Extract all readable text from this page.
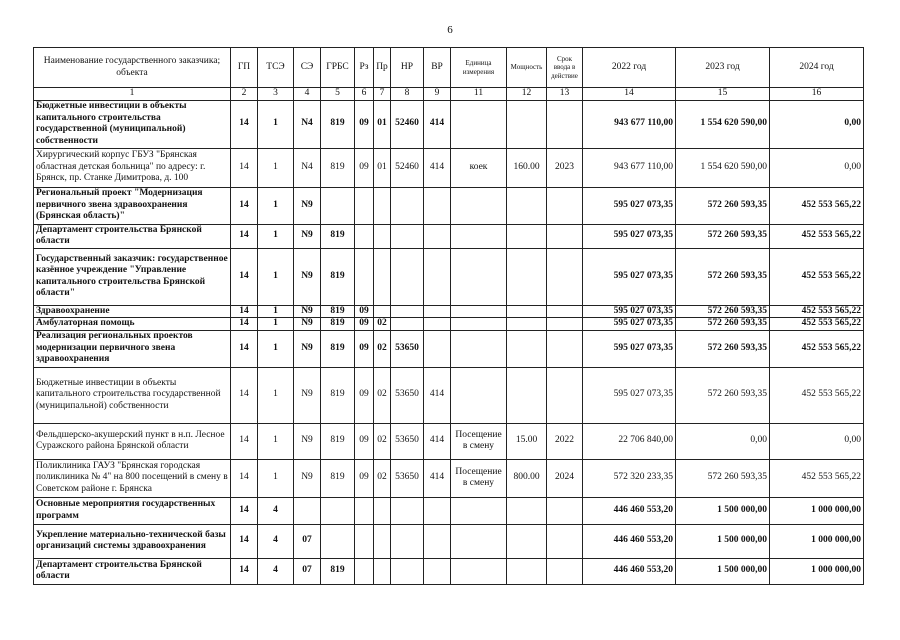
6
Наименование государственного заказчика; объекта	ГП	ТСЭ	СЭ	ГРБС	Рз	Пр	НР	ВР	Единица измерения	Мощность	Срок ввода в действие	2022 год	2023 год	2024 год
1	2	3	4	5	6	7	8	9	11	12	13	14	15	16
Бюджетные инвестиции в объекты капитального строительства государственной (муниципальной) собственности	14	1	N4	819	09	01	52460	414				943 677 110,00	1 554 620 590,00	0,00
Хирургический корпус ГБУЗ "Брянская областная детская больница" по адресу: г. Брянск, пр. Станке Димитрова, д. 100	14	1	N4	819	09	01	52460	414	коек	160.00	2023	943 677 110,00	1 554 620 590,00	0,00
Региональный проект "Модернизация первичного звена здравоохранения (Брянская область)"	14	1	N9									595 027 073,35	572 260 593,35	452 553 565,22
Департамент строительства Брянской области	14	1	N9	819								595 027 073,35	572 260 593,35	452 553 565,22
Государственный заказчик: государственное казённое учреждение "Управление капитального строительства Брянской области"	14	1	N9	819								595 027 073,35	572 260 593,35	452 553 565,22
Здравоохранение	14	1	N9	819	09							595 027 073,35	572 260 593,35	452 553 565,22
Амбулаторная помощь	14	1	N9	819	09	02						595 027 073,35	572 260 593,35	452 553 565,22
Реализация региональных проектов модернизации первичного звена здравоохранения	14	1	N9	819	09	02	53650					595 027 073,35	572 260 593,35	452 553 565,22
Бюджетные инвестиции в объекты капитального строительства государственной (муниципальной) собственности	14	1	N9	819	09	02	53650	414				595 027 073,35	572 260 593,35	452 553 565,22
Фельдшерско-акушерский пункт в н.п. Лесное Суражского района Брянской области	14	1	N9	819	09	02	53650	414	Посещение в смену	15.00	2022	22 706 840,00	0,00	0,00
Поликлиника ГАУЗ "Брянская городская поликлиника № 4" на 800 посещений в смену в Советском районе г. Брянска	14	1	N9	819	09	02	53650	414	Посещение в смену	800.00	2024	572 320 233,35	572 260 593,35	452 553 565,22
Основные мероприятия государственных программ	14	4										446 460 553,20	1 500 000,00	1 000 000,00
Укрепление материально-технической базы организаций системы здравоохранения	14	4	07									446 460 553,20	1 500 000,00	1 000 000,00
Департамент строительства Брянской области	14	4	07	819								446 460 553,20	1 500 000,00	1 000 000,00
